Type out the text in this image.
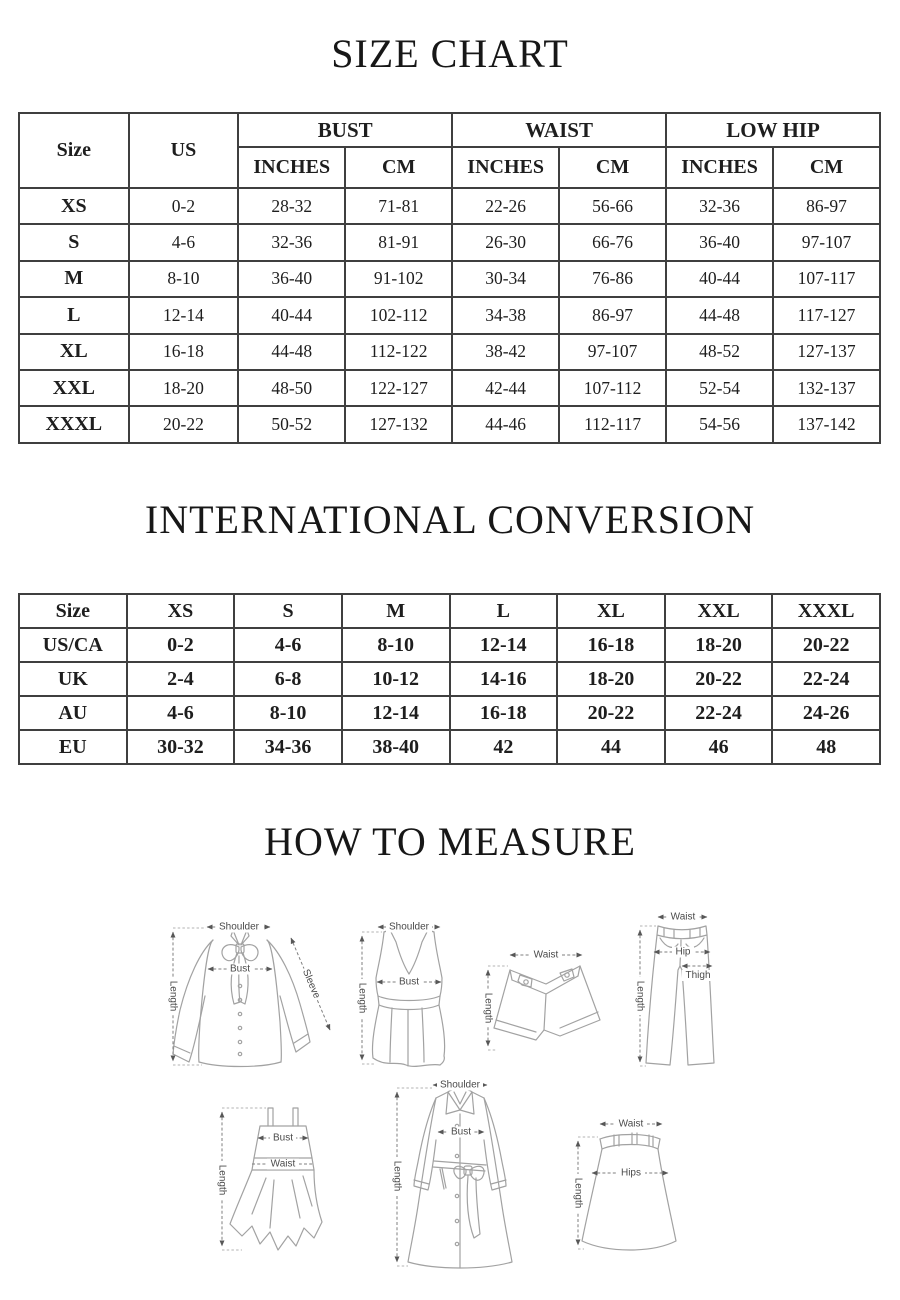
SIZE CHART
Size	US	BUST		WAIST		LOW HIP	
		INCHES	CM	INCHES	CM	INCHES	CM
XS	0-2	28-32	71-81	22-26	56-66	32-36	86-97
S	4-6	32-36	81-91	26-30	66-76	36-40	97-107
M	8-10	36-40	91-102	30-34	76-86	40-44	107-117
L	12-14	40-44	102-112	34-38	86-97	44-48	117-127
XL	16-18	44-48	112-122	38-42	97-107	48-52	127-137
XXL	18-20	48-50	122-127	42-44	107-112	52-54	132-137
XXXL	20-22	50-52	127-132	44-46	112-117	54-56	137-142
INTERNATIONAL CONVERSION
Size	XS	S	M	L	XL	XXL	XXXL
US/CA	0-2	4-6	8-10	12-14	16-18	18-20	20-22
UK	2-4	6-8	10-12	14-16	18-20	20-22	22-24
AU	4-6	8-10	12-14	16-18	20-22	22-24	24-26
EU	30-32	34-36	38-40	42	44	46	48
HOW TO MEASURE
Shoulder
Length
Bust	Sleeve
Shoulder
Length
Bust
Waist
Length
Waist
Hip
Thigh
Length
Bust
Waist
Length
Shoulder
Bust
Length
Waist
Hips
Length
